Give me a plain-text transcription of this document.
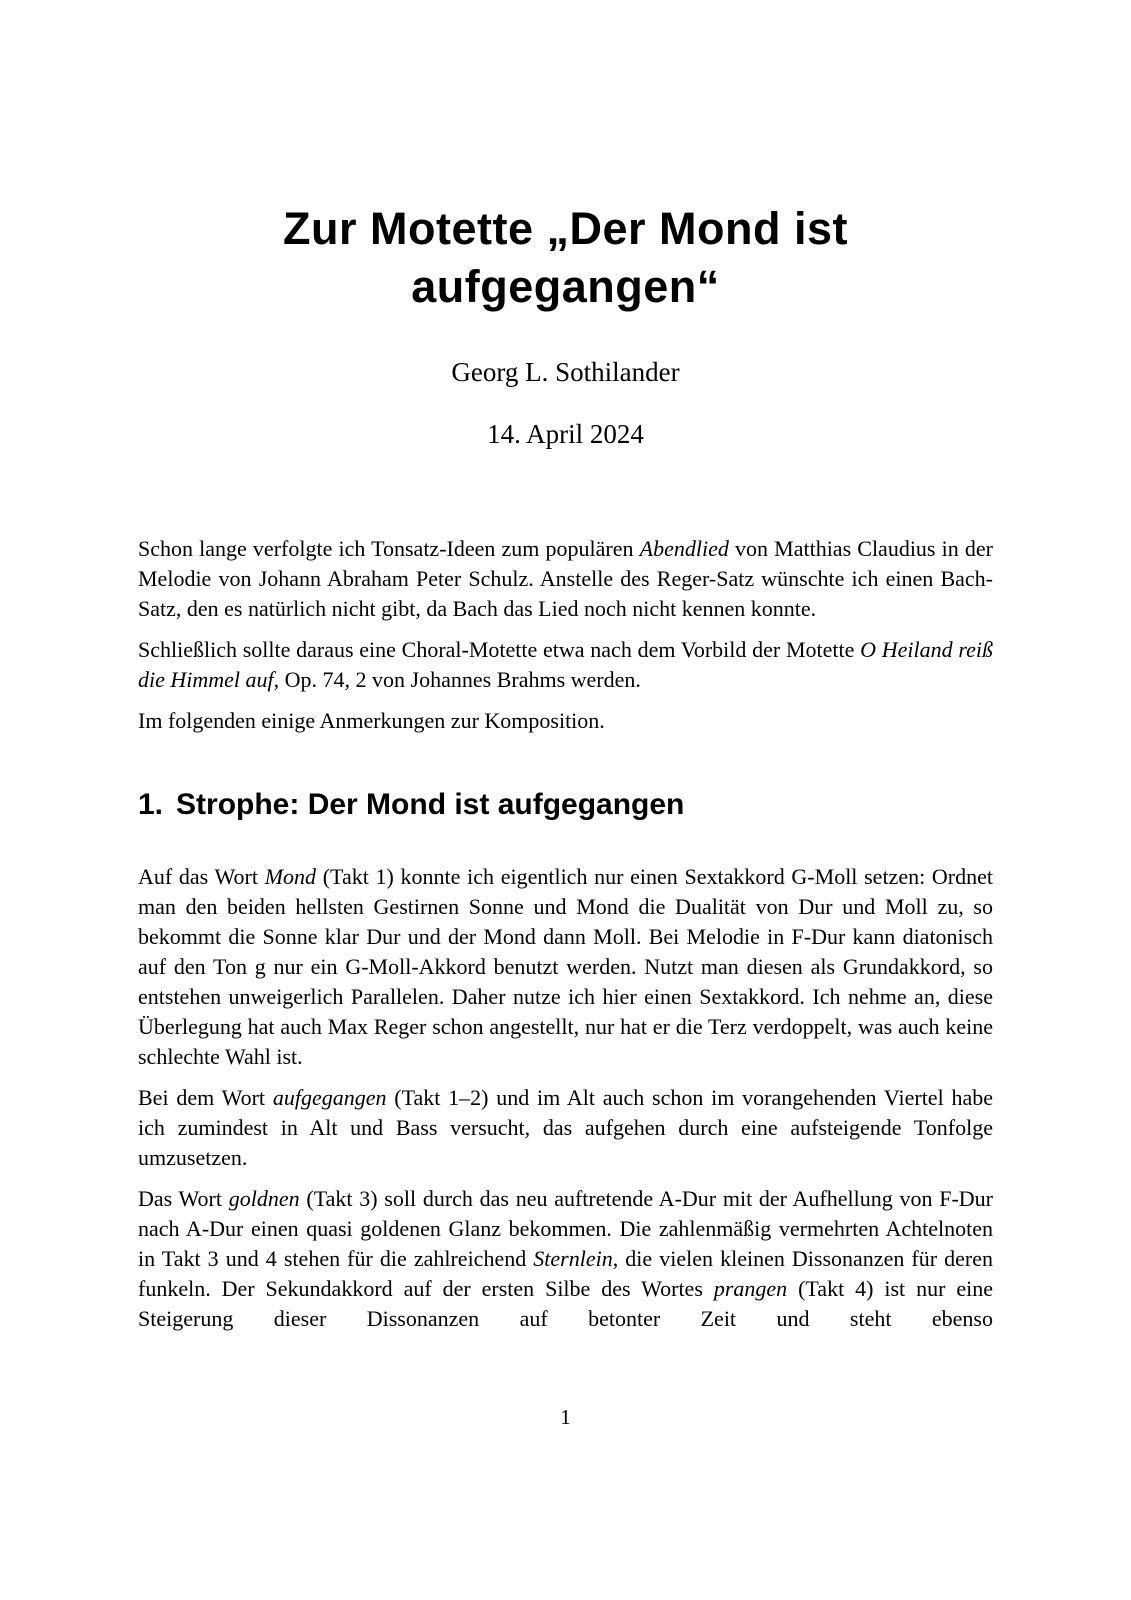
Zur Motette „Der Mond ist
aufgegangen“
Georg L. Sothilander
14. April 2024

Schon lange verfolgte ich Tonsatz-Ideen zum populären Abendlied von Matthias Claudius in der Melodie von Johann Abraham Peter Schulz. Anstelle des Reger-Satz wünschte ich einen Bach-Satz, den es natürlich nicht gibt, da Bach das Lied noch nicht kennen konnte.

Schließlich sollte daraus eine Choral-Motette etwa nach dem Vorbild der Motette O Heiland reiß die Himmel auf, Op. 74, 2 von Johannes Brahms werden.

Im folgenden einige Anmerkungen zur Komposition.

1. Strophe: Der Mond ist aufgegangen

Auf das Wort Mond (Takt 1) konnte ich eigentlich nur einen Sextakkord G-Moll setzen: Ordnet man den beiden hellsten Gestirnen Sonne und Mond die Dualität von Dur und Moll zu, so bekommt die Sonne klar Dur und der Mond dann Moll. Bei Melodie in F-Dur kann diatonisch auf den Ton g nur ein G-Moll-Akkord benutzt werden. Nutzt man diesen als Grundakkord, so entstehen unweigerlich Parallelen. Daher nutze ich hier einen Sextakkord. Ich nehme an, diese Überlegung hat auch Max Reger schon angestellt, nur hat er die Terz verdoppelt, was auch keine schlechte Wahl ist.

Bei dem Wort aufgegangen (Takt 1–2) und im Alt auch schon im vorangehenden Viertel habe ich zumindest in Alt und Bass versucht, das aufgehen durch eine aufsteigende Tonfolge umzusetzen.

Das Wort goldnen (Takt 3) soll durch das neu auftretende A-Dur mit der Aufhellung von F-Dur nach A-Dur einen quasi goldenen Glanz bekommen. Die zahlenmäßig vermehrten Achtelnoten in Takt 3 und 4 stehen für die zahlreichend Sternlein, die vielen kleinen Dissonanzen für deren funkeln. Der Sekundakkord auf der ersten Silbe des Wortes prangen (Takt 4) ist nur eine Steigerung dieser Dissonanzen auf betonter Zeit und steht ebenso

1
